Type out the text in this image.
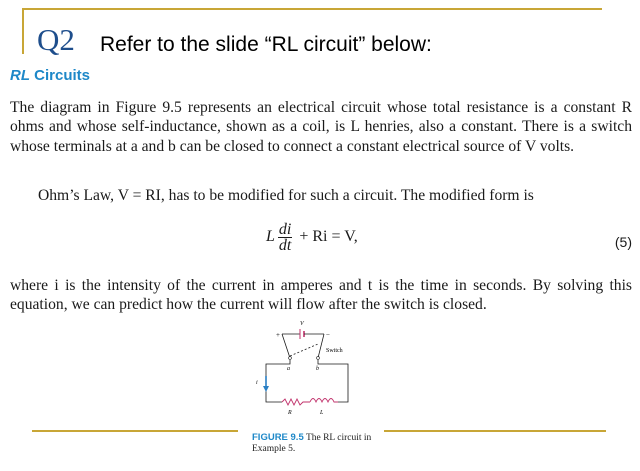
Q2 Refer to the slide “RL circuit” below:
RL Circuits
The diagram in Figure 9.5 represents an electrical circuit whose total resistance is a constant R ohms and whose self-inductance, shown as a coil, is L henries, also a constant. There is a switch whose terminals at a and b can be closed to connect a constant electrical source of V volts.
Ohm’s Law, V = RI, has to be modified for such a circuit. The modified form is
L $\frac{di}{dt} + Ri = V$,	(5)
where i is the intensity of the current in amperes and t is the time in seconds. By solving this equation, we can predict how the current will flow after the switch is closed.
V
+	−
Switch
a	b
R	L
i
FIGURE 9.5 The RL circuit in Example 5.
